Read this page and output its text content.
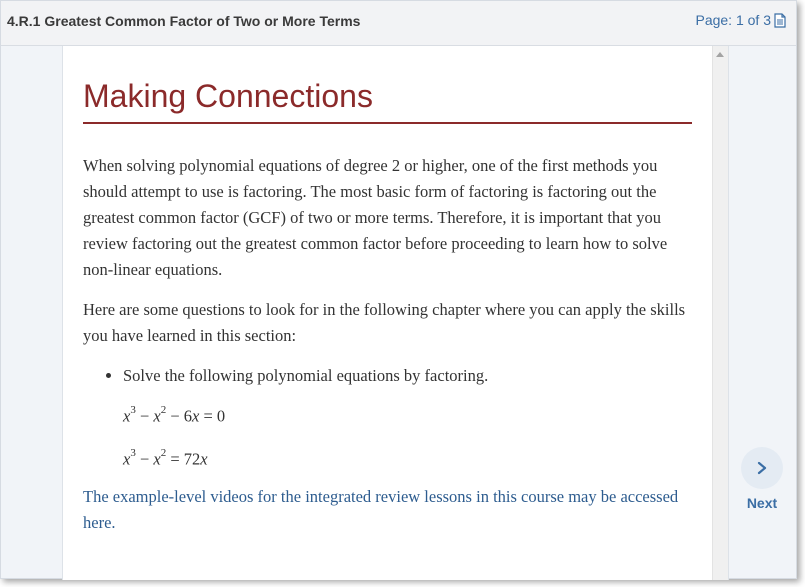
4.R.1 Greatest Common Factor of Two or More Terms	Page: 1 of 3
Making Connections

When solving polynomial equations of degree 2 or higher, one of the first methods you should attempt to use is factoring. The most basic form of factoring is factoring out the greatest common factor (GCF) of two or more terms. Therefore, it is important that you review factoring out the greatest common factor before proceeding to learn how to solve non-linear equations.

Here are some questions to look for in the following chapter where you can apply the skills you have learned in this section:

• Solve the following polynomial equations by factoring.
$x^3 - x^2 - 6x = 0$
$x^3 - x^2 = 72x$

The example-level videos for the integrated review lessons in this course may be accessed here.

Next
